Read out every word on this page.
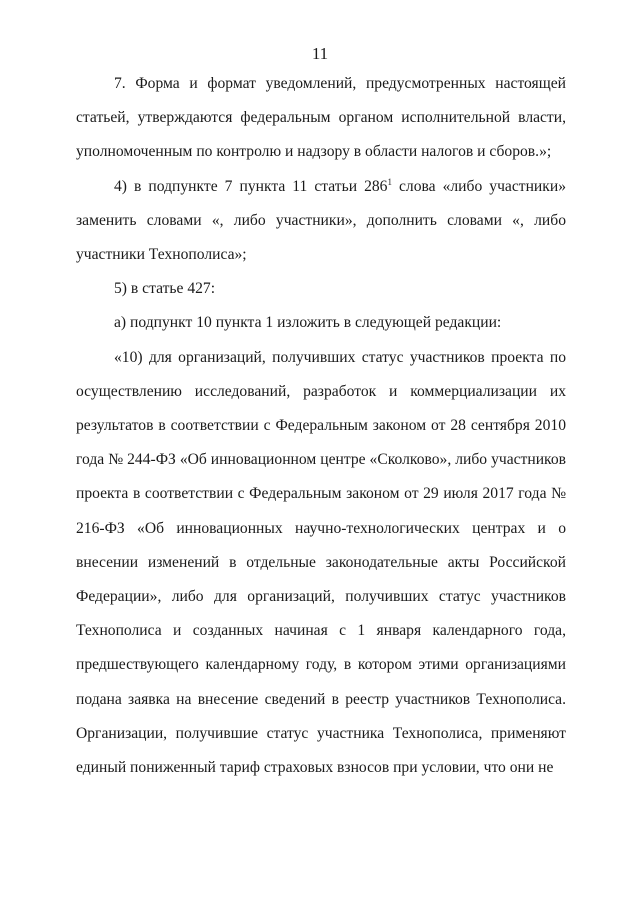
11

7. Форма и формат уведомлений, предусмотренных настоящей статьей, утверждаются федеральным органом исполнительной власти, уполномоченным по контролю и надзору в области налогов и сборов.»;

4) в подпункте 7 пункта 11 статьи $286^1$ слова «либо участники» заменить словами «, либо участники», дополнить словами «, либо участники Технополиса»;

5) в статье 427:

а) подпункт 10 пункта 1 изложить в следующей редакции:

«10) для организаций, получивших статус участников проекта по осуществлению исследований, разработок и коммерциализации их результатов в соответствии с Федеральным законом от 28 сентября 2010 года № 244-ФЗ «Об инновационном центре «Сколково», либо участников проекта в соответствии с Федеральным законом от 29 июля 2017 года № 216-ФЗ «Об инновационных научно-технологических центрах и о внесении изменений в отдельные законодательные акты Российской Федерации», либо для организаций, получивших статус участников Технополиса и созданных начиная с 1 января календарного года, предшествующего календарному году, в котором этими организациями подана заявка на внесение сведений в реестр участников Технополиса. Организации, получившие статус участника Технополиса, применяют единый пониженный тариф страховых взносов при условии, что они не
